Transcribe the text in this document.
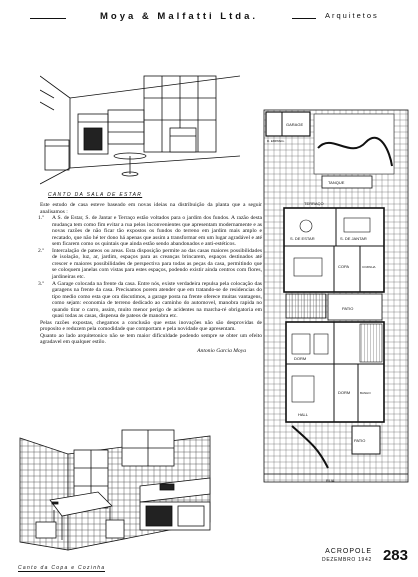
Moya & Malfatti Ltda.	Arquitetos
CANTO DA SALA DE ESTAR

Este estudo de casa esteve baseado em novas ideias na distribuição da planta que a seguir analisamos :

1.º A S. de Estar, S. de Jantar e Terraço estão voltados para o jardim dos fundos. A razão desta mudança tem como fim evitar a rua pelos inconvenientes que apresentam modernamente e as novas razões de não ficar tão expostos os fundos do terreno em jardim mais amplo e recatado, que não hé ter dono há apenas que assim a transformar em um lugar agradável e até sem ficarem como os quintais que ainda estão sendo abandonados e anti-estéticos.

2.º Intercalação de pateos ou areas. Esta disposição permite ao das casas maiores possibilidades de isolação, luz, ar, jardim, espaços para as creanças brincarem, espaços destinados até crescer e maiores possibilidades de perspectiva para todas as peças da casa, permitindo que se coloquem janelas com vistas para estes espaços, podendo existir ainda centros com flores, jardineiras etc.

3.º A Garage colocada na frente da casa. Entre nós, existe verdadeira repulsa pela colocação das garagens na frente da casa. Precisamos porem atender que em tratando-se de residencias do tipo medio como esta que ora discutimos, a garage posta na frente oferece muitas vantagens, como sejam: economia de terreno dedicado ao caminho do automovel, manobra rapida no quando tirar o carro, assim, muito menor perigo de acidentes na marcha-ré obrigatoria em quasi todas as casas, dispensa de pateos de manobra etc.

Pelas razões expostas, chegamos a conclusão que estas inovações não são desprovidas de proposito e reduzem pela comodidade que comportam e pela novidade que apresentam.

Quanto ao lado arquitetonico não se tem maior dificuldade podendo sempre se obter um efeito agradavel em qualquer estilo.

Antonio Garcia Moya

Canto da Copa e Cozinha
GARAGE
D. EMPREG.
TANQUE
TERRAÇO
S. DE ESTAR	S. DE JANTAR
COPA	COZINHA
PATIO
DORM
DORM	BANHO
PATIO
HALL
RUA
ACROPOLE
DEZEMBRO 1942 283
